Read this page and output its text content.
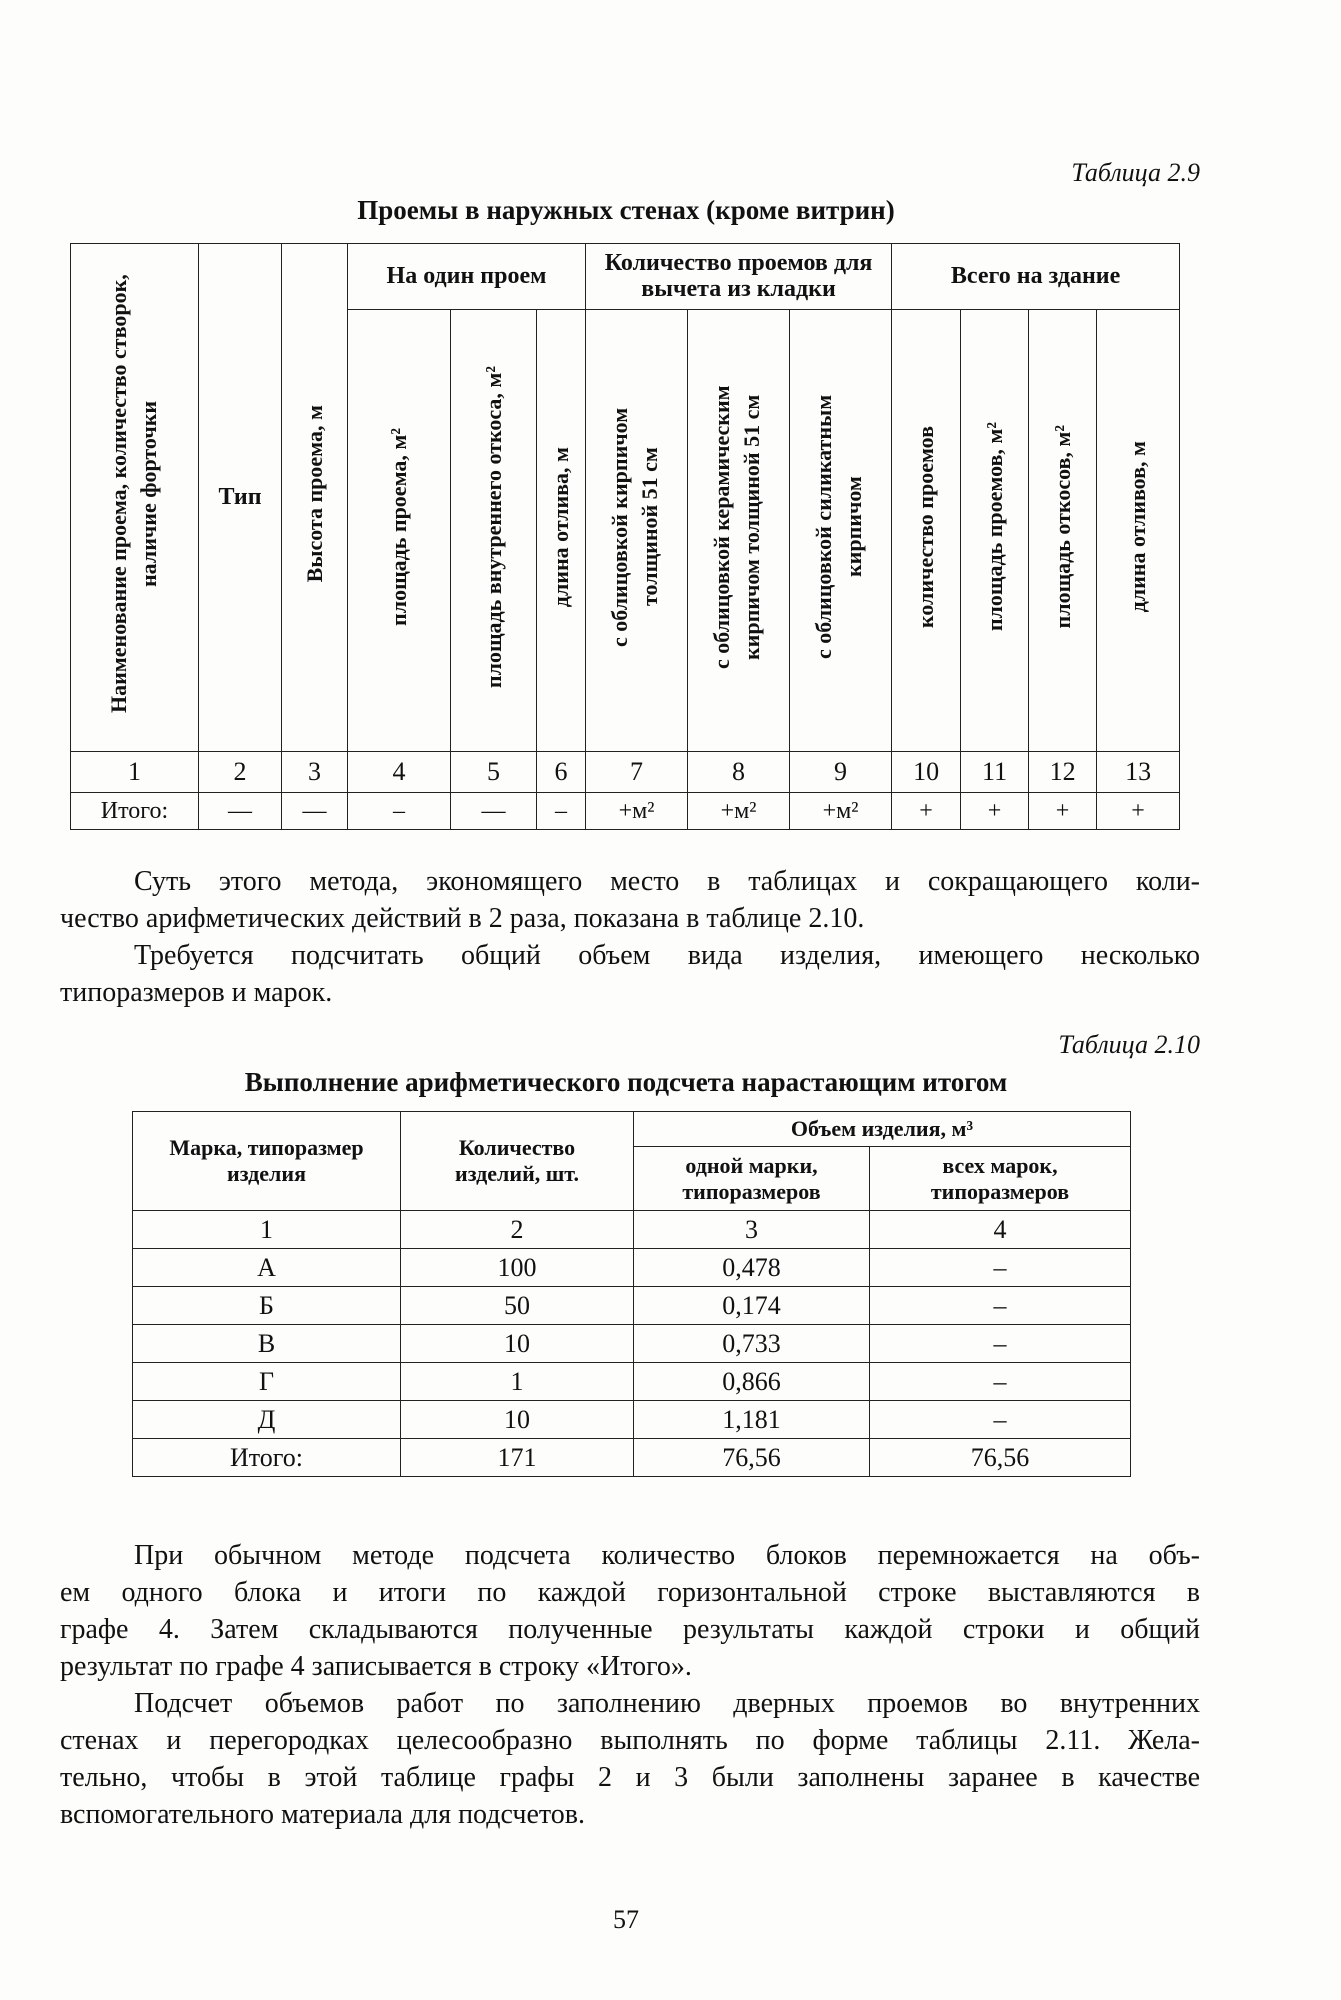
Таблица 2.9
Проемы в наружных стенах (кроме витрин)
Наименование проема, количество створок, наличие форточки	Тип	Высота проема, м	На один проем			Количество проемов для вычета из кладки			Всего на здание			
			площадь проема, м²	площадь внутреннего откоса, м²	длина отлива, м	с облицовкой кирпичом толщиной 51 см	с облицовкой керамическим кирпичом толщиной 51 см	с облицовкой силикатным кирпичом	количество проемов	площадь проемов, м²	площадь откосов, м²	длина отливов, м
1	2	3	4	5	6	7	8	9	10	11	12	13
Итого:	—	—	–	—	–	+м²	+м²	+м²	+	+	+	+
Суть этого метода, экономящего место в таблицах и сокращающего коли-
чество арифметических действий в 2 раза, показана в таблице 2.10.
Требуется подсчитать общий объем вида изделия, имеющего несколько
типоразмеров и марок.
Таблица 2.10
Выполнение арифметического подсчета нарастающим итогом
Марка, типоразмер изделия	Количество изделий, шт.	Объем изделия, м³	
		одной марки, типоразмеров	всех марок, типоразмеров
1	2	3	4
А	100	0,478	–
Б	50	0,174	–
В	10	0,733	–
Г	1	0,866	–
Д	10	1,181	–
Итого:	171	76,56	76,56
При обычном методе подсчета количество блоков перемножается на объ-
ем одного блока и итоги по каждой горизонтальной строке выставляются в
графе 4. Затем складываются полученные результаты каждой строки и общий
результат по графе 4 записывается в строку «Итого».
Подсчет объемов работ по заполнению дверных проемов во внутренних
стенах и перегородках целесообразно выполнять по форме таблицы 2.11. Жела-
тельно, чтобы в этой таблице графы 2 и 3 были заполнены заранее в качестве
вспомогательного материала для подсчетов.
57
